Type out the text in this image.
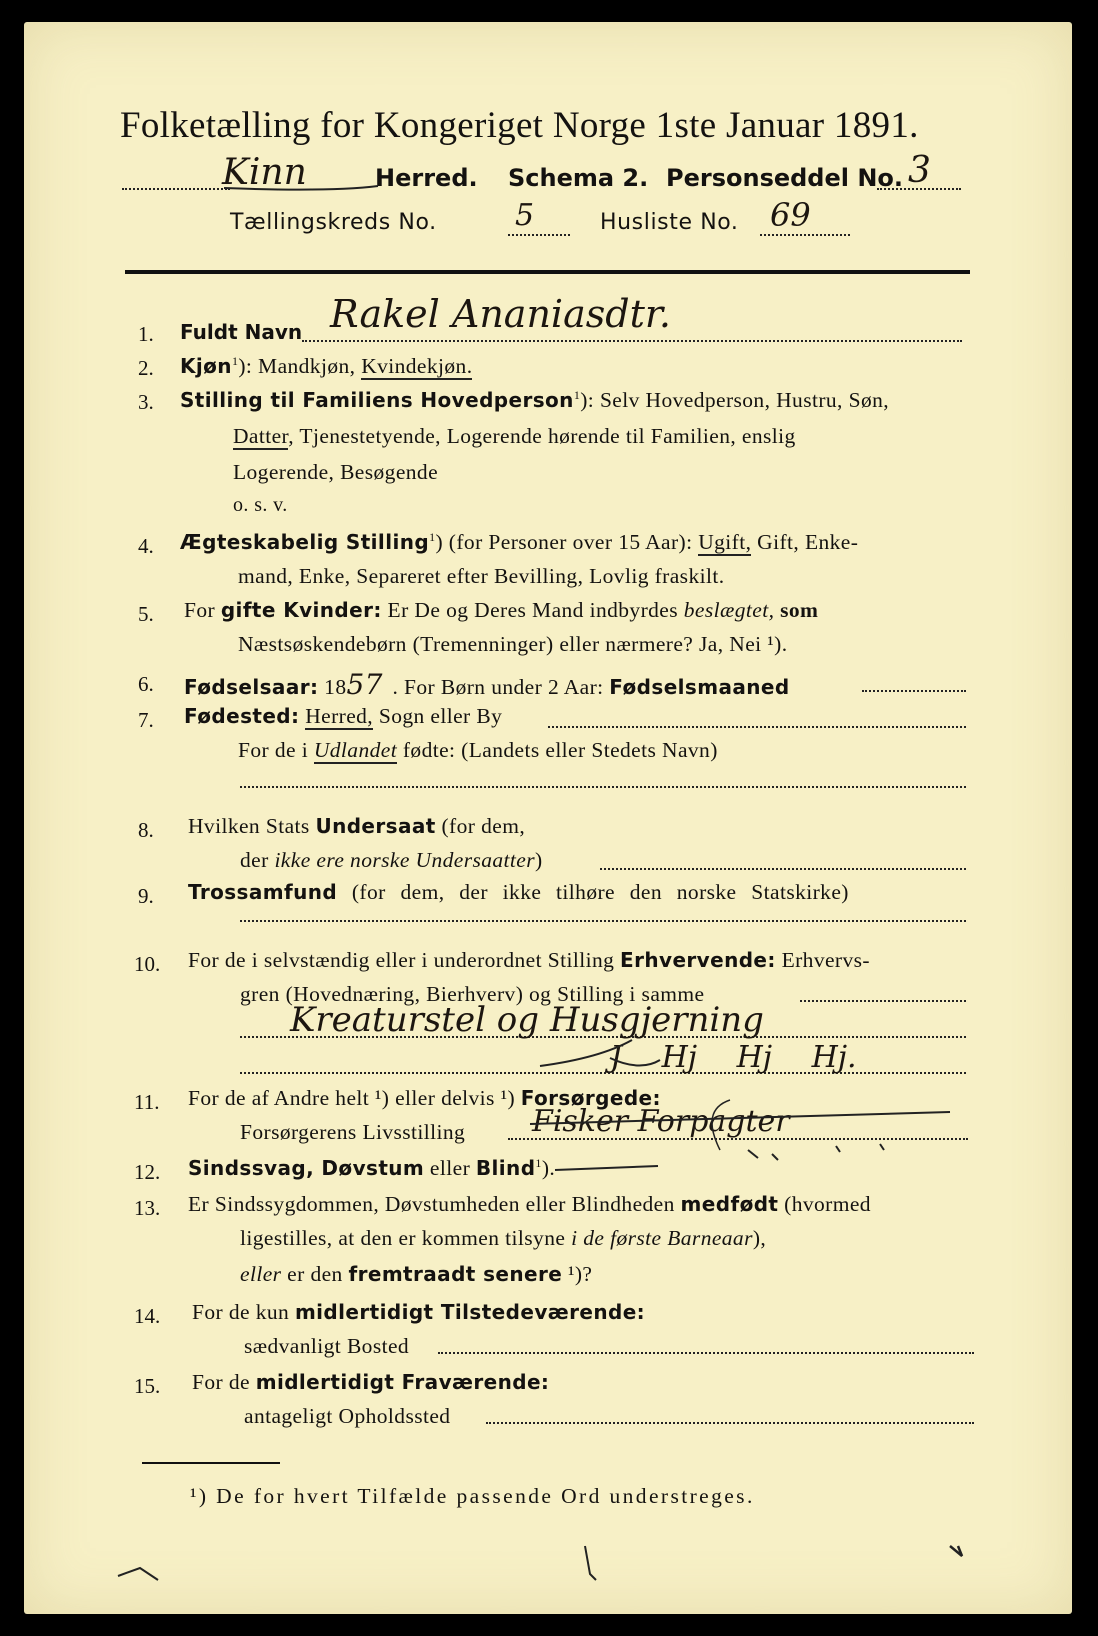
Folketælling for Kongeriget Norge 1ste Januar 1891.
Kinn	Herred. Schema 2. Personseddel No. 3
Tællingskreds No.	5	Husliste No. 69
1. Fuldt Navn Rakel Ananiasdtr.
2. Kjøn$^1$): Mandkjøn, Kvindekjøn.
3. Stilling til Familiens Hovedperson$^1$): Selv Hovedperson, Hustru, Søn,
Datter, Tjenestetyende, Logerende hørende til Familien, enslig
Logerende, Besøgende
o. s. v.
4. Ægteskabelig Stilling$^1$) (for Personer over 15 Aar): Ugift, Gift, Enke-
mand, Enke, Separeret efter Bevilling, Lovlig fraskilt.
5. For gifte Kvinder: Er De og Deres Mand indbyrdes beslægtet, som
Næstsøskendebørn (Tremenninger) eller nærmere? Ja, Nei ¹).
6. Fødselsaar: 1857 . For Børn under 2 Aar: Fødselsmaaned
7. Fødested: Herred, Sogn eller By
For de i Udlandet fødte: (Landets eller Stedets Navn)
8. Hvilken Stats Undersaat (for dem,
der ikke ere norske Undersaatter)
9. Trossamfund (for dem, der ikke tilhøre den norske Statskirke)
10. For de i selvstændig eller i underordnet Stilling Erhvervende: Erhvervs-
gren (Hovednæring, Bierhverv) og Stilling i samme
Kreaturstel og Husgjerning
J Hj Hj Hj.
11. For de af Andre helt ¹) eller delvis ¹) Forsørgede:
Forsørgerens Livsstilling Fisker Forpagter
12. Sindssvag, Døvstum eller Blind$^1$).
13. Er Sindssygdommen, Døvstumheden eller Blindheden medfødt (hvormed
ligestilles, at den er kommen tilsyne i de første Barneaar),
eller er den fremtraadt senere ¹)?
14. For de kun midlertidigt Tilstedeværende:
sædvanligt Bosted
15. For de midlertidigt Fraværende:
antageligt Opholdssted
¹) De for hvert Tilfælde passende Ord understreges.
